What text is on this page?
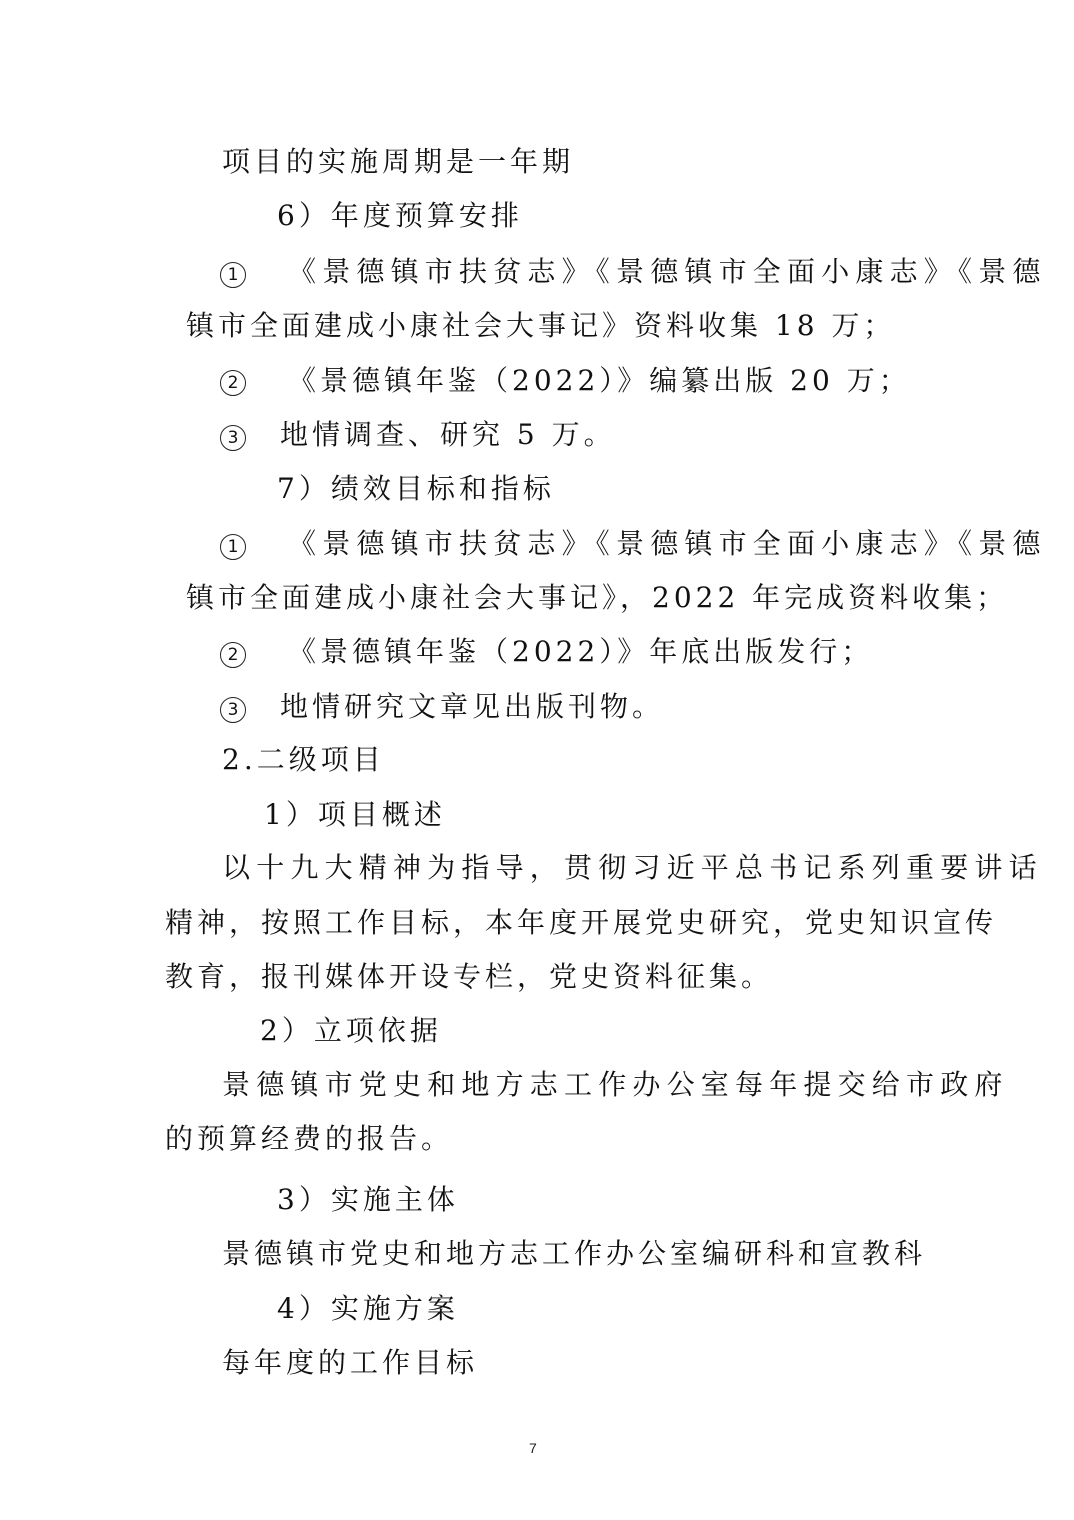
项目的实施周期是一年期
6）年度预算安排
1 《景德镇市扶贫志》《景德镇市全面小康志》《景德
镇市全面建成小康社会大事记》资料收集 18 万；
2 《景德镇年鉴（2022）》编纂出版 20 万；
3 地情调查、研究 5 万。
7）绩效目标和指标
1 《景德镇市扶贫志》《景德镇市全面小康志》《景德
镇市全面建成小康社会大事记》，2022 年完成资料收集；
2 《景德镇年鉴（2022）》年底出版发行；
3 地情研究文章见出版刊物。
2.二级项目
1）项目概述
以十九大精神为指导，贯彻习近平总书记系列重要讲话
精神，按照工作目标，本年度开展党史研究，党史知识宣传
教育，报刊媒体开设专栏，党史资料征集。
2）立项依据
景德镇市党史和地方志工作办公室每年提交给市政府
的预算经费的报告。
3）实施主体
景德镇市党史和地方志工作办公室编研科和宣教科
4）实施方案
每年度的工作目标
7
